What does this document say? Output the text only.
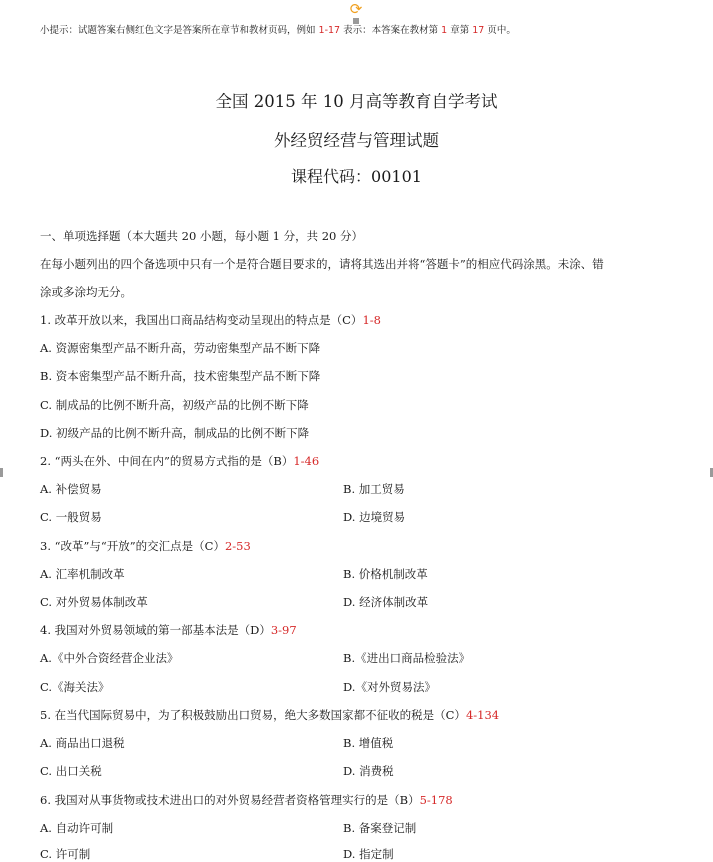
⟳
小提示：试题答案右侧红色文字是答案所在章节和教材页码，例如 1-17 表示：本答案在教材第 1 章第 17 页中。
全国 2015 年 10 月高等教育自学考试
外经贸经营与管理试题
课程代码：00101
一、单项选择题（本大题共 20 小题，每小题 1 分，共 20 分）
在每小题列出的四个备选项中只有一个是符合题目要求的，请将其选出并将“答题卡”的相应代码涂黑。未涂、错
涂或多涂均无分。
1. 改革开放以来，我国出口商品结构变动呈现出的特点是（C）1-8
A. 资源密集型产品不断升高，劳动密集型产品不断下降
B. 资本密集型产品不断升高，技术密集型产品不断下降
C. 制成品的比例不断升高，初级产品的比例不断下降
D. 初级产品的比例不断升高，制成品的比例不断下降
2. “两头在外、中间在内”的贸易方式指的是（B）1-46
A. 补偿贸易	B. 加工贸易
C. 一般贸易	D. 边境贸易
3. “改革”与“开放”的交汇点是（C）2-53
A. 汇率机制改革	B. 价格机制改革
C. 对外贸易体制改革	D. 经济体制改革
4. 我国对外贸易领域的第一部基本法是（D）3-97
A.《中外合资经营企业法》	B.《进出口商品检验法》
C.《海关法》	D.《对外贸易法》
5. 在当代国际贸易中，为了积极鼓励出口贸易，绝大多数国家都不征收的税是（C）4-134
A. 商品出口退税	B. 增值税
C. 出口关税	D. 消费税
6. 我国对从事货物或技术进出口的对外贸易经营者资格管理实行的是（B）5-178
A. 自动许可制	B. 备案登记制
C. 许可制	D. 指定制
